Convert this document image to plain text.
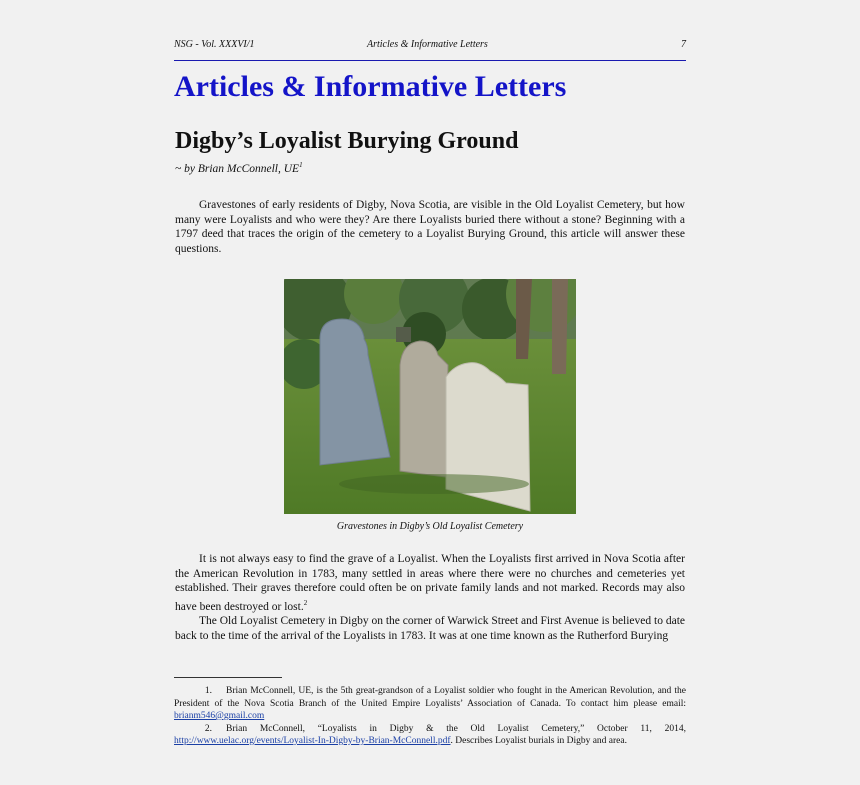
NSG - Vol. XXXVI/1	Articles & Informative Letters	7
Articles & Informative Letters
Digby’s Loyalist Burying Ground
~ by Brian McConnell, $UE^1$

Gravestones of early residents of Digby, Nova Scotia, are visible in the Old Loyalist Cemetery, but how many were Loyalists and who were they? Are there Loyalists buried there without a stone? Beginning with a 1797 deed that traces the origin of the cemetery to a Loyalist Burying Ground, this article will answer these questions.

Gravestones in Digby’s Old Loyalist Cemetery

It is not always easy to find the grave of a Loyalist. When the Loyalists first arrived in Nova Scotia after the American Revolution in 1783, many settled in areas where there were no churches and cemeteries yet established. Their graves therefore could often be on private family lands and not marked. Records may also have been destroyed or lost.$^2$

The Old Loyalist Cemetery in Digby on the corner of Warwick Street and First Avenue is believed to date back to the time of the arrival of the Loyalists in 1783. It was at one time known as the Rutherford Burying

1. Brian McConnell, UE, is the 5th great-grandson of a Loyalist soldier who fought in the American Revolution, and the President of the Nova Scotia Branch of the United Empire Loyalists’ Association of Canada. To contact him please email: brianm546@gmail.com

2. Brian McConnell, “Loyalists in Digby & the Old Loyalist Cemetery,” October 11, 2014, http://www.uelac.org/events/Loyalist-In-Digby-by-Brian-McConnell.pdf. Describes Loyalist burials in Digby and area.
